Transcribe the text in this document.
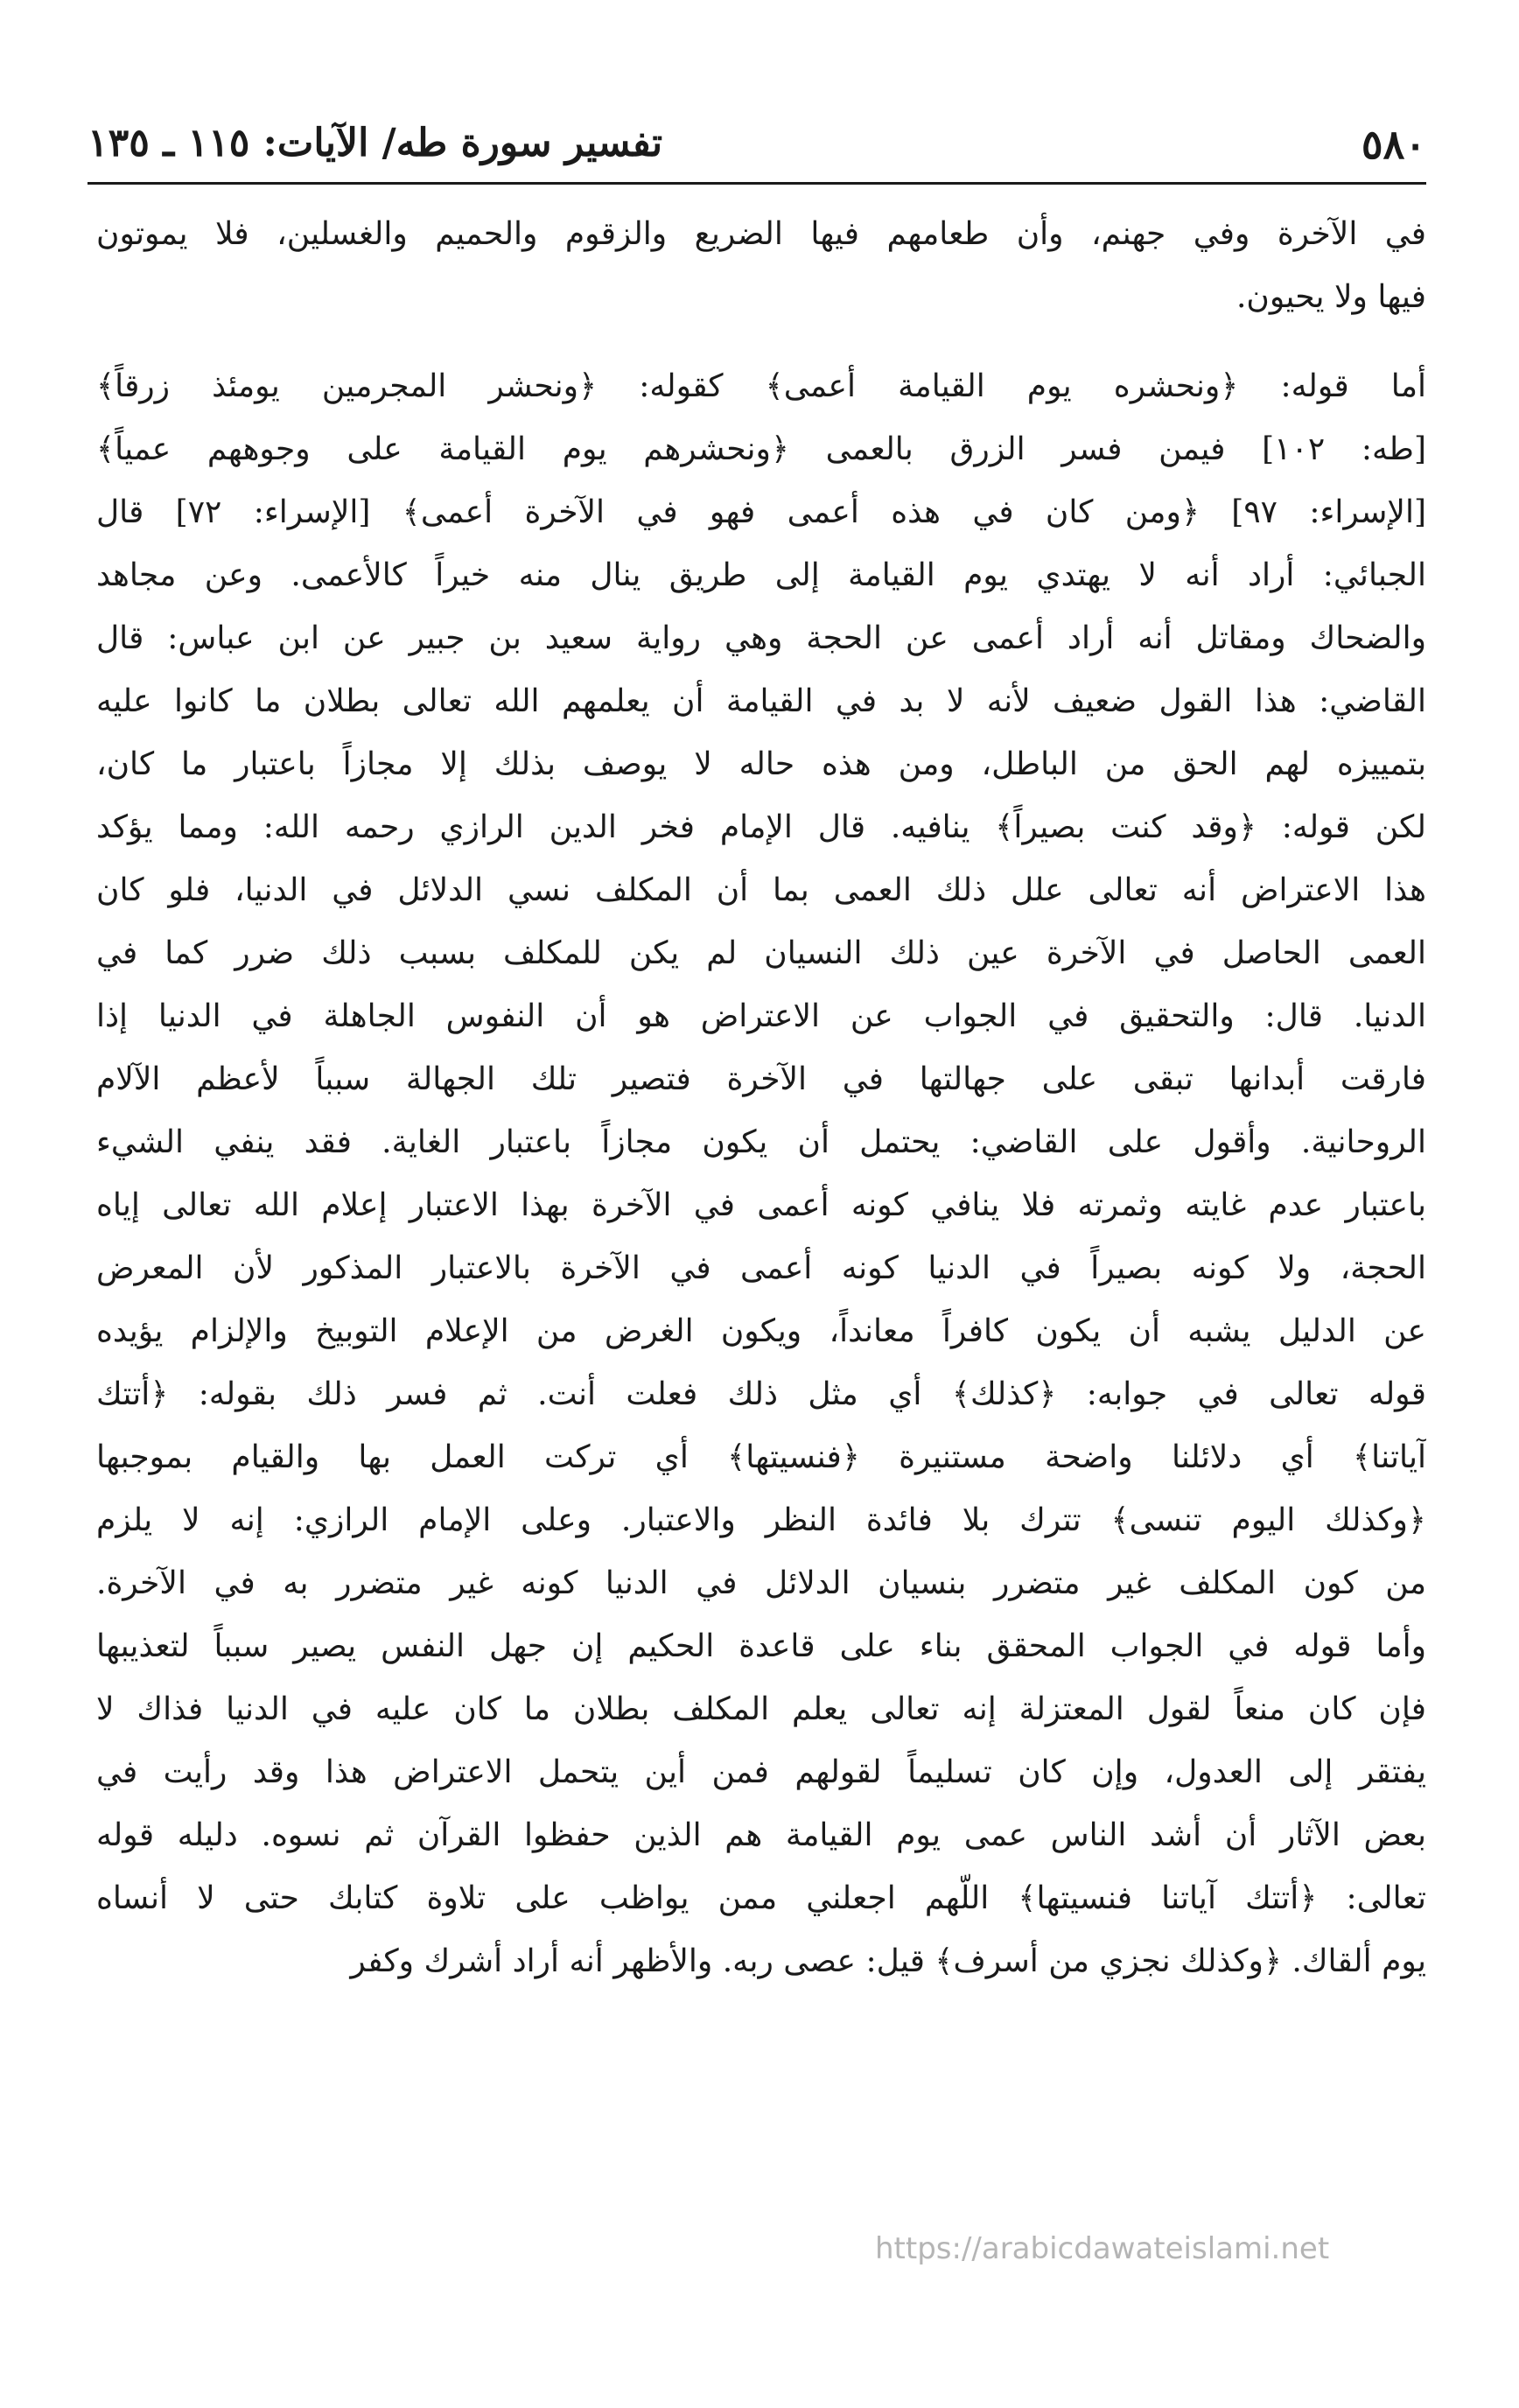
٥٨٠
تفسير سورة طه/ الآيات: ١١٥ ـ ١٣٥
في الآخرة وفي جهنم، وأن طعامهم فيها الضريع والزقوم والحميم والغسلين، فلا يموتون
فيها ولا يحيون.
أما قوله: ﴿ونحشره يوم القيامة أعمى﴾ كقوله: ﴿ونحشر المجرمين يومئذ زرقاً﴾
[طه: ١٠٢] فيمن فسر الزرق بالعمى ﴿ونحشرهم يوم القيامة على وجوههم عمياً﴾
[الإسراء: ٩٧] ﴿ومن كان في هذه أعمى فهو في الآخرة أعمى﴾ [الإسراء: ٧٢] قال
الجبائي: أراد أنه لا يهتدي يوم القيامة إلى طريق ينال منه خيراً كالأعمى. وعن مجاهد
والضحاك ومقاتل أنه أراد أعمى عن الحجة وهي رواية سعيد بن جبير عن ابن عباس: قال
القاضي: هذا القول ضعيف لأنه لا بد في القيامة أن يعلمهم الله تعالى بطلان ما كانوا عليه
بتمييزه لهم الحق من الباطل، ومن هذه حاله لا يوصف بذلك إلا مجازاً باعتبار ما كان،
لكن قوله: ﴿وقد كنت بصيراً﴾ ينافيه. قال الإمام فخر الدين الرازي رحمه الله: ومما يؤكد
هذا الاعتراض أنه تعالى علل ذلك العمى بما أن المكلف نسي الدلائل في الدنيا، فلو كان
العمى الحاصل في الآخرة عين ذلك النسيان لم يكن للمكلف بسبب ذلك ضرر كما في
الدنيا. قال: والتحقيق في الجواب عن الاعتراض هو أن النفوس الجاهلة في الدنيا إذا
فارقت أبدانها تبقى على جهالتها في الآخرة فتصير تلك الجهالة سبباً لأعظم الآلام
الروحانية. وأقول على القاضي: يحتمل أن يكون مجازاً باعتبار الغاية. فقد ينفي الشيء
باعتبار عدم غايته وثمرته فلا ينافي كونه أعمى في الآخرة بهذا الاعتبار إعلام الله تعالى إياه
الحجة، ولا كونه بصيراً في الدنيا كونه أعمى في الآخرة بالاعتبار المذكور لأن المعرض
عن الدليل يشبه أن يكون كافراً معانداً، ويكون الغرض من الإعلام التوبيخ والإلزام يؤيده
قوله تعالى في جوابه: ﴿كذلك﴾ أي مثل ذلك فعلت أنت. ثم فسر ذلك بقوله: ﴿أتتك
آياتنا﴾ أي دلائلنا واضحة مستنيرة ﴿فنسيتها﴾ أي تركت العمل بها والقيام بموجبها
﴿وكذلك اليوم تنسى﴾ تترك بلا فائدة النظر والاعتبار. وعلى الإمام الرازي: إنه لا يلزم
من كون المكلف غير متضرر بنسيان الدلائل في الدنيا كونه غير متضرر به في الآخرة.
وأما قوله في الجواب المحقق بناء على قاعدة الحكيم إن جهل النفس يصير سبباً لتعذيبها
فإن كان منعاً لقول المعتزلة إنه تعالى يعلم المكلف بطلان ما كان عليه في الدنيا فذاك لا
يفتقر إلى العدول، وإن كان تسليماً لقولهم فمن أين يتحمل الاعتراض هذا وقد رأيت في
بعض الآثار أن أشد الناس عمى يوم القيامة هم الذين حفظوا القرآن ثم نسوه. دليله قوله
تعالى: ﴿أتتك آياتنا فنسيتها﴾ اللّهم اجعلني ممن يواظب على تلاوة كتابك حتى لا أنساه
يوم ألقاك. ﴿وكذلك نجزي من أسرف﴾ قيل: عصى ربه. والأظهر أنه أراد أشرك وكفر
https://arabicdawateislami.net
